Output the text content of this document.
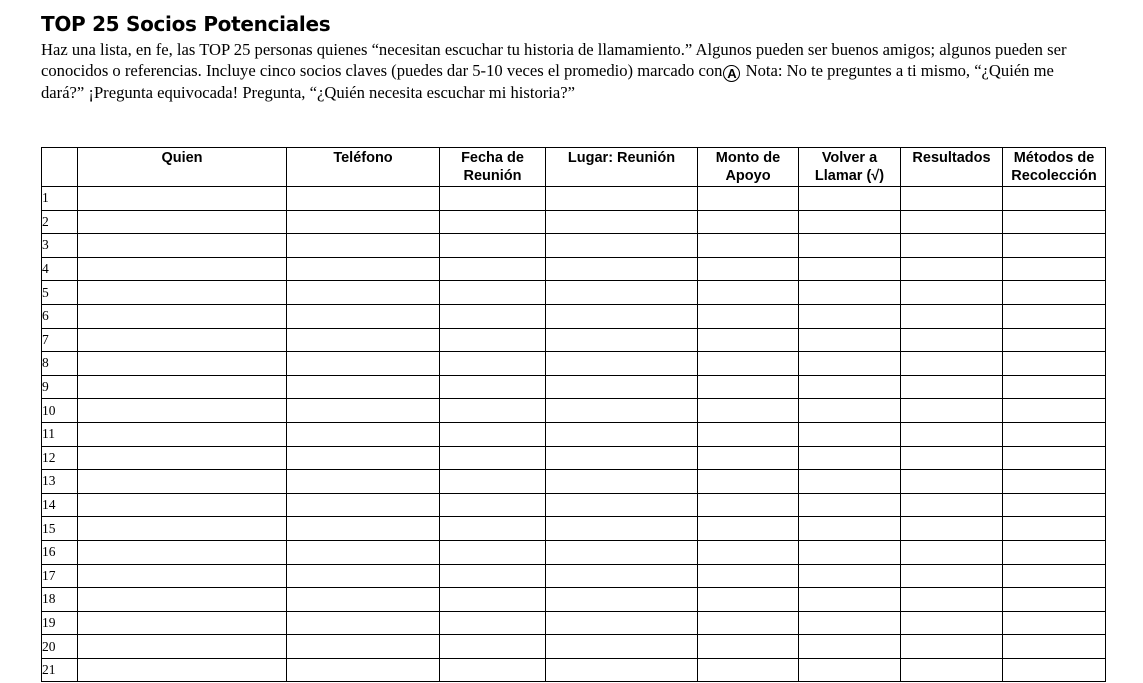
TOP 25 Socios Potenciales

Haz una lista, en fe, las TOP 25 personas quienes “necesitan escuchar tu historia de llamamiento.” Algunos pueden ser buenos amigos; algunos pueden ser conocidos o referencias. Incluye cinco socios claves (puedes dar 5-10 veces el promedio) marcado con A Nota: No te preguntes a ti mismo, “¿Quién me dará?” ¡Pregunta equivocada! Pregunta, “¿Quién necesita escuchar mi historia?”

	Quien	Teléfono	Fecha de Reunión	Lugar: Reunión	Monto de Apoyo	Volver a Llamar (√)	Resultados	Métodos de Recolección
1								
2								
3								
4								
5								
6								
7								
8								
9								
10								
11								
12								
13								
14								
15								
16								
17								
18								
19								
20								
21								
